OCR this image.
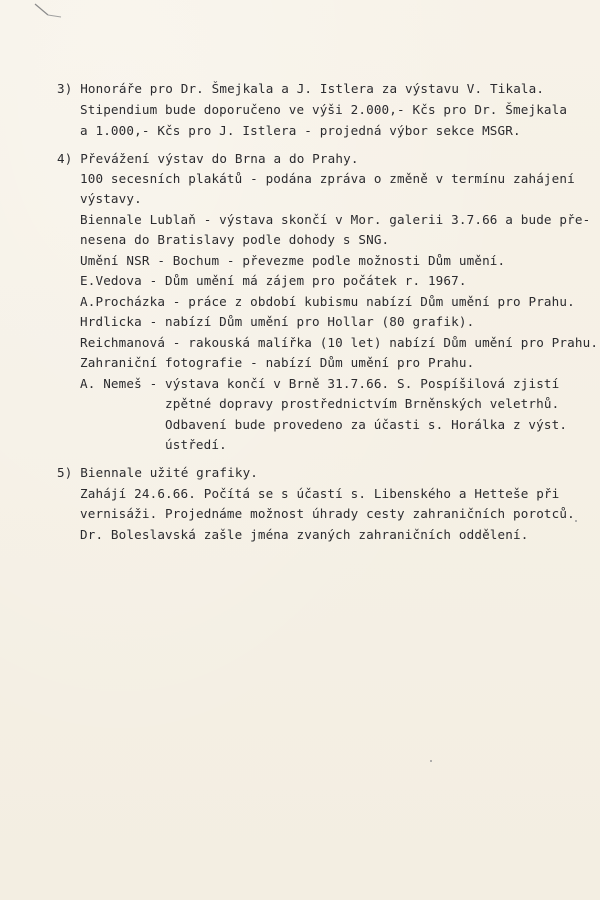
3) Honoráře pro Dr. Šmejkala a J. Istlera za výstavu V. Tikala.
Stipendium bude doporučeno ve výši 2.000,- Kčs pro Dr. Šmejkala
a 1.000,- Kčs pro J. Istlera - projedná výbor sekce MSGR.
4) Převážení výstav do Brna a do Prahy.
100 secesních plakátů - podána zpráva o změně v termínu zahájení
výstavy.
Biennale Lublaň - výstava skončí v Mor. galerii 3.7.66 a bude pře-
nesena do Bratislavy podle dohody s SNG.
Umění NSR - Bochum - převezme podle možnosti Dům umění.
E.Vedova - Dům umění má zájem pro počátek r. 1967.
A.Procházka - práce z období kubismu nabízí Dům umění pro Prahu.
Hrdlicka - nabízí Dům umění pro Hollar (80 grafik).
Reichmanová - rakouská malířka (10 let) nabízí Dům umění pro Prahu.
Zahraniční fotografie - nabízí Dům umění pro Prahu.
A. Nemeš - výstava končí v Brně 31.7.66. S. Pospíšilová zjistí
zpětné dopravy prostřednictvím Brněnských veletrhů.
Odbavení bude provedeno za účasti s. Horálka z výst.
ústředí.
5) Biennale užité grafiky.
Zahájí 24.6.66. Počítá se s účastí s. Libenského a Hetteše při
vernisáži. Projednáme možnost úhrady cesty zahraničních porotců.
Dr. Boleslavská zašle jména zvaných zahraničních oddělení.
